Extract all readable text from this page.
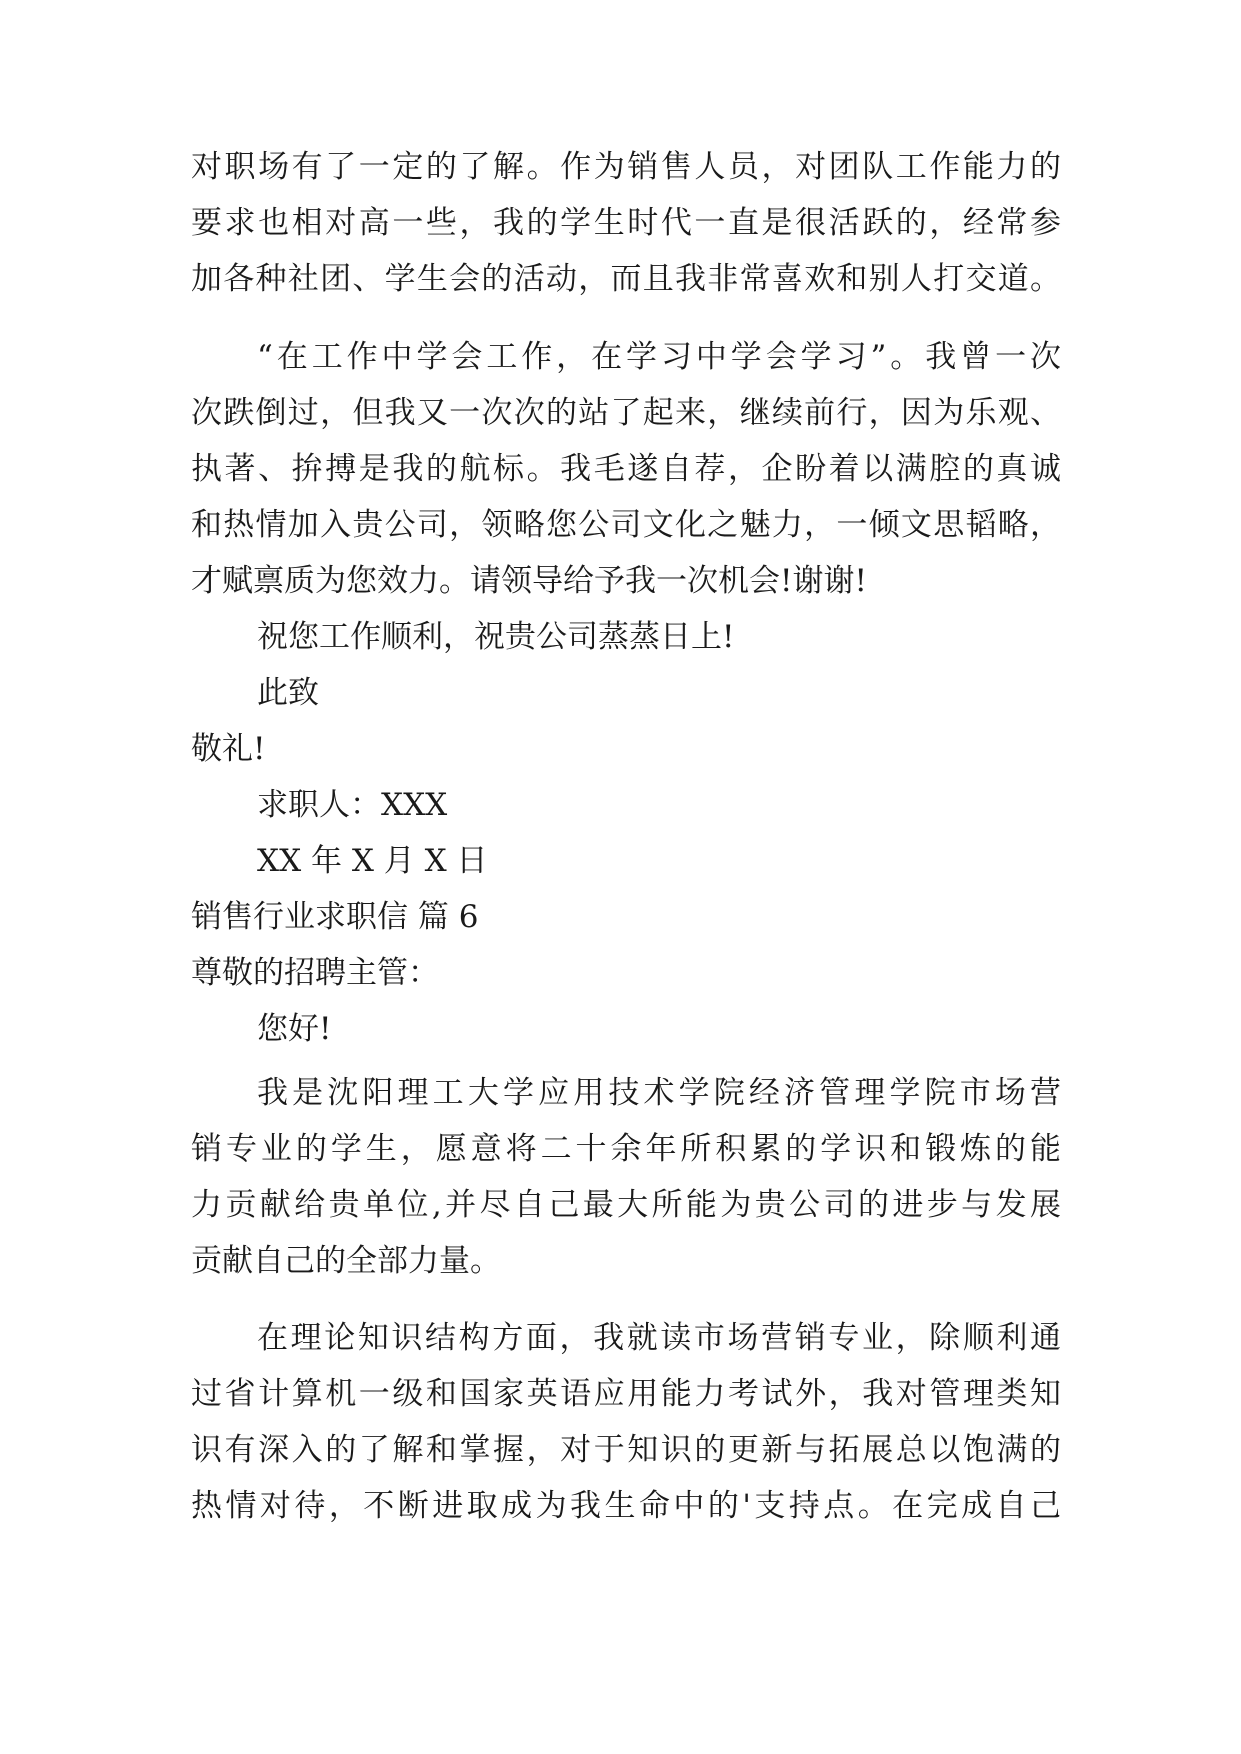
对职场有了一定的了解。作为销售人员，对团队工作能力的
要求也相对高一些，我的学生时代一直是很活跃的，经常参
加各种社团、学生会的活动，而且我非常喜欢和别人打交道。
“在工作中学会工作，在学习中学会学习”。我曾一次
次跌倒过，但我又一次次的站了起来，继续前行，因为乐观、
执著、拚搏是我的航标。我毛遂自荐，企盼着以满腔的真诚
和热情加入贵公司，领略您公司文化之魅力，一倾文思韬略，
才赋禀质为您效力。请领导给予我一次机会!谢谢!
祝您工作顺利，祝贵公司蒸蒸日上!
此致
敬礼!
求职人：XXX
XX 年 X 月 X 日
销售行业求职信 篇 6
尊敬的招聘主管：
您好!
我是沈阳理工大学应用技术学院经济管理学院市场营
销专业的学生，愿意将二十余年所积累的学识和锻炼的能
力贡献给贵单位,并尽自己最大所能为贵公司的进步与发展
贡献自己的全部力量。
在理论知识结构方面，我就读市场营销专业，除顺利通
过省计算机一级和国家英语应用能力考试外，我对管理类知
识有深入的了解和掌握，对于知识的更新与拓展总以饱满的
热情对待，不断进取成为我生命中的'支持点。在完成自己
